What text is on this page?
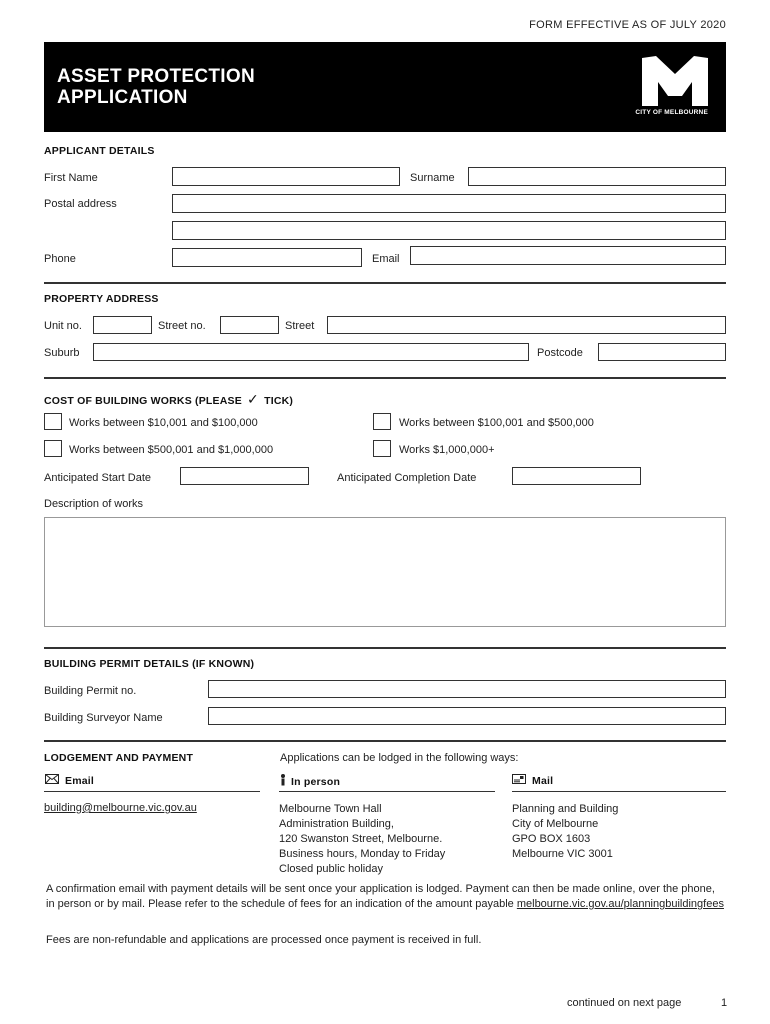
FORM EFFECTIVE AS OF JULY 2020
ASSET PROTECTION APPLICATION
CITY OF MELBOURNE
APPLICANT DETAILS
First Name	Surname
Postal address
Phone	Email
PROPERTY ADDRESS
Unit no.	Street no.	Street
Suburb	Postcode
COST OF BUILDING WORKS (PLEASE ✓ TICK)
Works between $10,001 and $100,000	Works between $100,001 and $500,000
Works between $500,001 and $1,000,000	Works $1,000,000+
Anticipated Start Date	Anticipated Completion Date
Description of works
BUILDING PERMIT DETAILS (IF KNOWN)
Building Permit no.
Building Surveyor Name
LODGEMENT AND PAYMENT	Applications can be lodged in the following ways:
Email
building@melbourne.vic.gov.au
In person
Melbourne Town Hall
Administration Building,
120 Swanston Street, Melbourne.
Business hours, Monday to Friday
Closed public holiday
Mail
Planning and Building
City of Melbourne
GPO BOX 1603
Melbourne VIC 3001
A confirmation email with payment details will be sent once your application is lodged. Payment can then be made online, over the phone, in person or by mail. Please refer to the schedule of fees for an indication of the amount payable melbourne.vic.gov.au/planningbuildingfees
Fees are non-refundable and applications are processed once payment is received in full.
continued on next page	1
